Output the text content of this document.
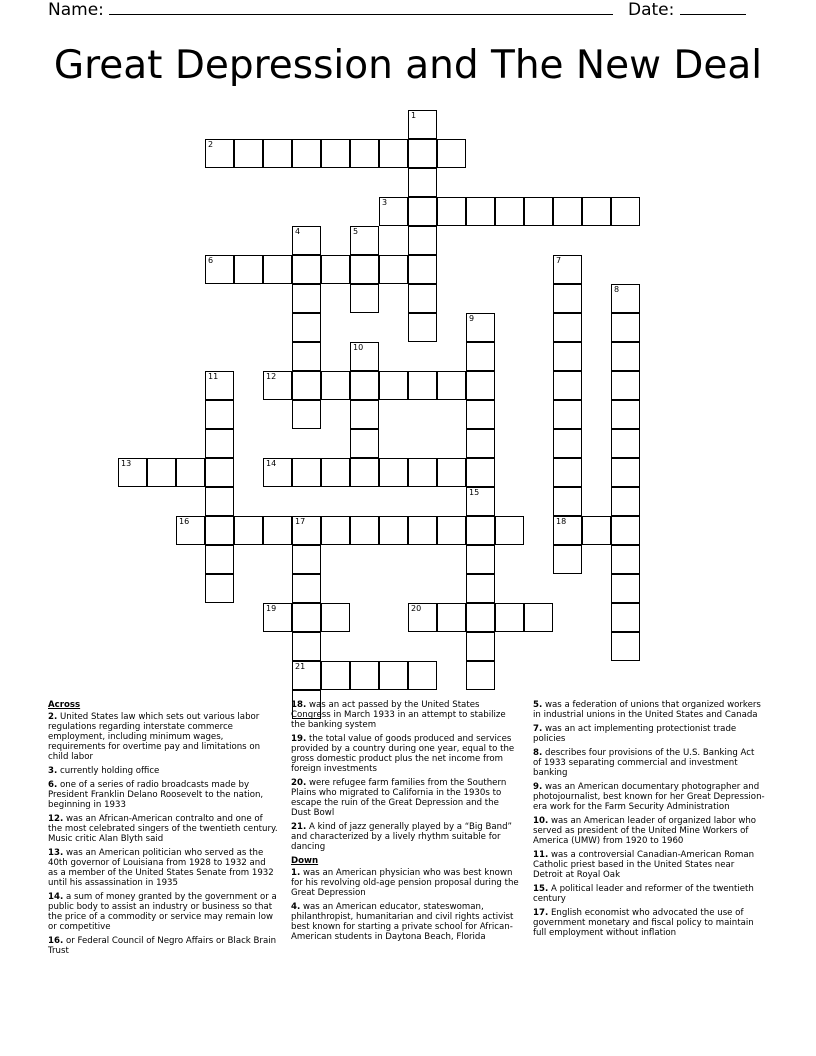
Name:	Date:
Great Depression and The New Deal
1
2
3
4	5
6	7
18
8
9
15
10
11	12
13	14
16	17
21
19	20
Across
2. United States law which sets out various labor regulations regarding interstate commerce employment, including minimum wages, requirements for overtime pay and limitations on child labor
3. currently holding office
6. one of a series of radio broadcasts made by President Franklin Delano Roosevelt to the nation, beginning in 1933
12. was an African-American contralto and one of the most celebrated singers of the twentieth century. Music critic Alan Blyth said
13. was an American politician who served as the 40th governor of Louisiana from 1928 to 1932 and as a member of the United States Senate from 1932 until his assassination in 1935
14. a sum of money granted by the government or a public body to assist an industry or business so that the price of a commodity or service may remain low or competitive
16. or Federal Council of Negro Affairs or Black Brain Trust
18. was an act passed by the United States Congress in March 1933 in an attempt to stabilize the banking system
19. the total value of goods produced and services provided by a country during one year, equal to the gross domestic product plus the net income from foreign investments
20. were refugee farm families from the Southern Plains who migrated to California in the 1930s to escape the ruin of the Great Depression and the Dust Bowl
21. A kind of jazz generally played by a “Big Band” and characterized by a lively rhythm suitable for dancing
Down
1. was an American physician who was best known for his revolving old-age pension proposal during the Great Depression
4. was an American educator, stateswoman, philanthropist, humanitarian and civil rights activist best known for starting a private school for African-American students in Daytona Beach, Florida
5. was a federation of unions that organized workers in industrial unions in the United States and Canada
7. was an act implementing protectionist trade policies
8. describes four provisions of the U.S. Banking Act of 1933 separating commercial and investment banking
9. was an American documentary photographer and photojournalist, best known for her Great Depression-era work for the Farm Security Administration
10. was an American leader of organized labor who served as president of the United Mine Workers of America (UMW) from 1920 to 1960
11. was a controversial Canadian-American Roman Catholic priest based in the United States near Detroit at Royal Oak
15. A political leader and reformer of the twentieth century
17. English economist who advocated the use of government monetary and fiscal policy to maintain full employment without inflation
